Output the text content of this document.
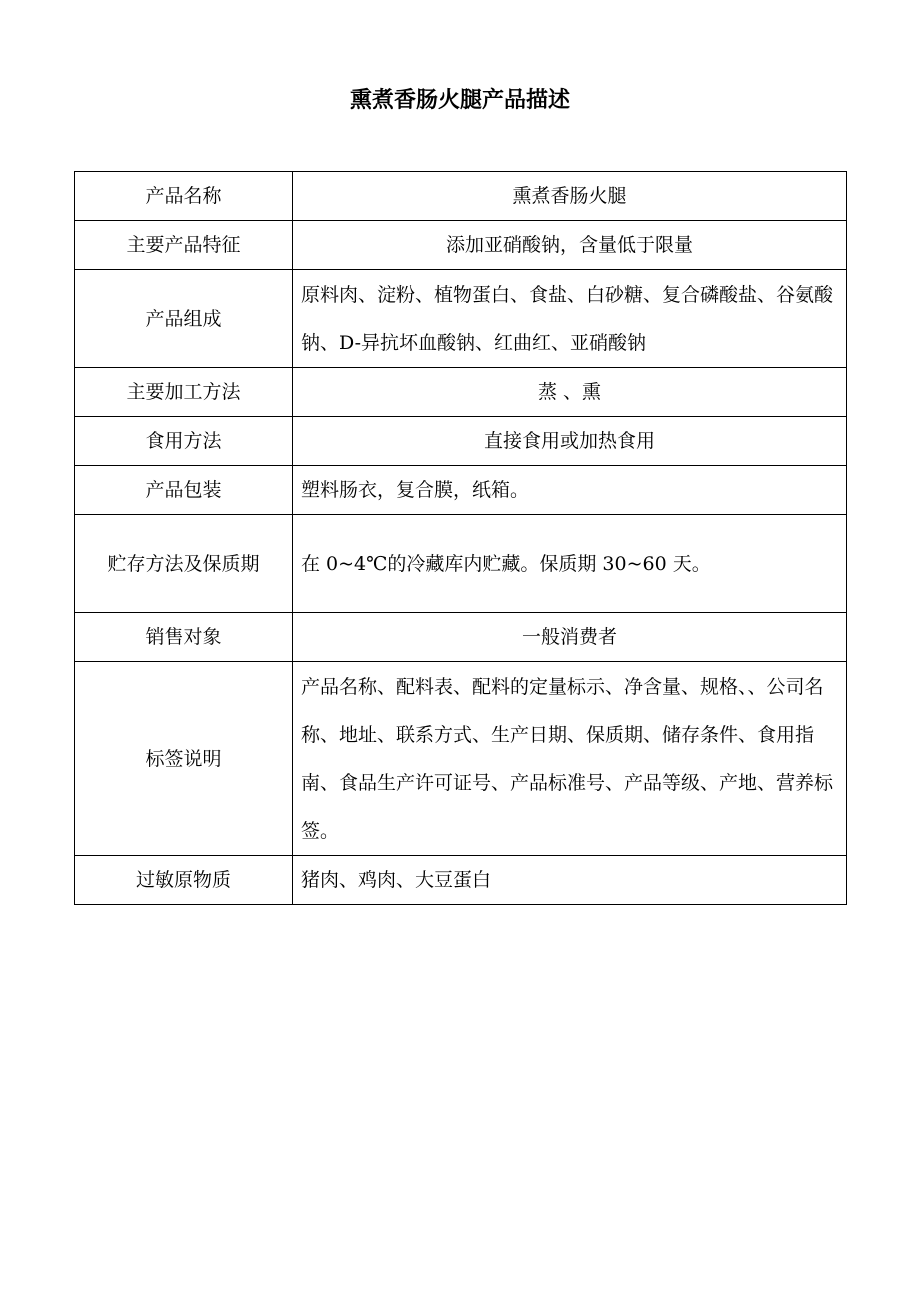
熏煮香肠火腿产品描述
产品名称	熏煮香肠火腿
主要产品特征	添加亚硝酸钠，含量低于限量
产品组成	原料肉、淀粉、植物蛋白、食盐、白砂糖、复合磷酸盐、谷氨酸钠、D-异抗坏血酸钠、红曲红、亚硝酸钠
主要加工方法	蒸 、熏
食用方法	直接食用或加热食用
产品包装	塑料肠衣，复合膜，纸箱。
贮存方法及保质期	在 0~4℃的冷藏库内贮藏。保质期 30~60 天。
销售对象	一般消费者
标签说明	产品名称、配料表、配料的定量标示、净含量、规格、、公司名称、地址、联系方式、生产日期、保质期、储存条件、食用指南、食品生产许可证号、产品标准号、产品等级、产地、营养标签。
过敏原物质	猪肉、鸡肉、大豆蛋白
